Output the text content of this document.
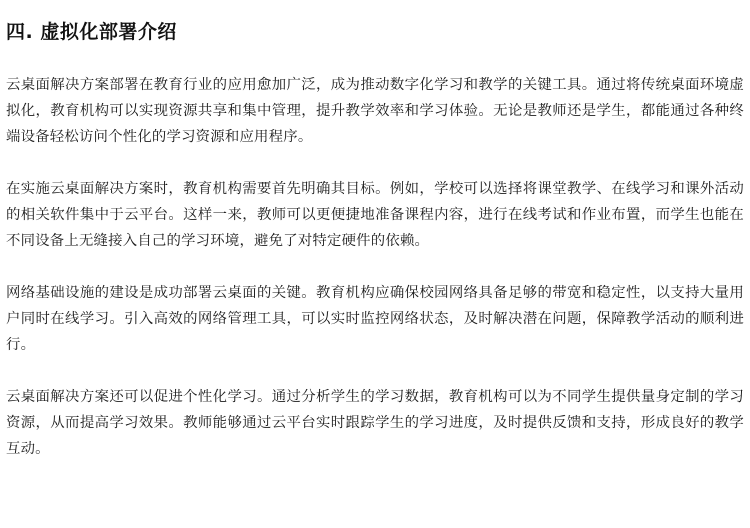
四. 虚拟化部署介绍

云桌面解决方案部署在教育行业的应用愈加广泛，成为推动数字化学习和教学的关键工具。通过将传统桌面环境虚拟化，教育机构可以实现资源共享和集中管理，提升教学效率和学习体验。无论是教师还是学生，都能通过各种终端设备轻松访问个性化的学习资源和应用程序。

在实施云桌面解决方案时，教育机构需要首先明确其目标。例如，学校可以选择将课堂教学、在线学习和课外活动的相关软件集中于云平台。这样一来，教师可以更便捷地准备课程内容，进行在线考试和作业布置，而学生也能在不同设备上无缝接入自己的学习环境，避免了对特定硬件的依赖。

网络基础设施的建设是成功部署云桌面的关键。教育机构应确保校园网络具备足够的带宽和稳定性，以支持大量用户同时在线学习。引入高效的网络管理工具，可以实时监控网络状态，及时解决潜在问题，保障教学活动的顺利进行。

云桌面解决方案还可以促进个性化学习。通过分析学生的学习数据，教育机构可以为不同学生提供量身定制的学习资源，从而提高学习效果。教师能够通过云平台实时跟踪学生的学习进度，及时提供反馈和支持，形成良好的教学互动。
